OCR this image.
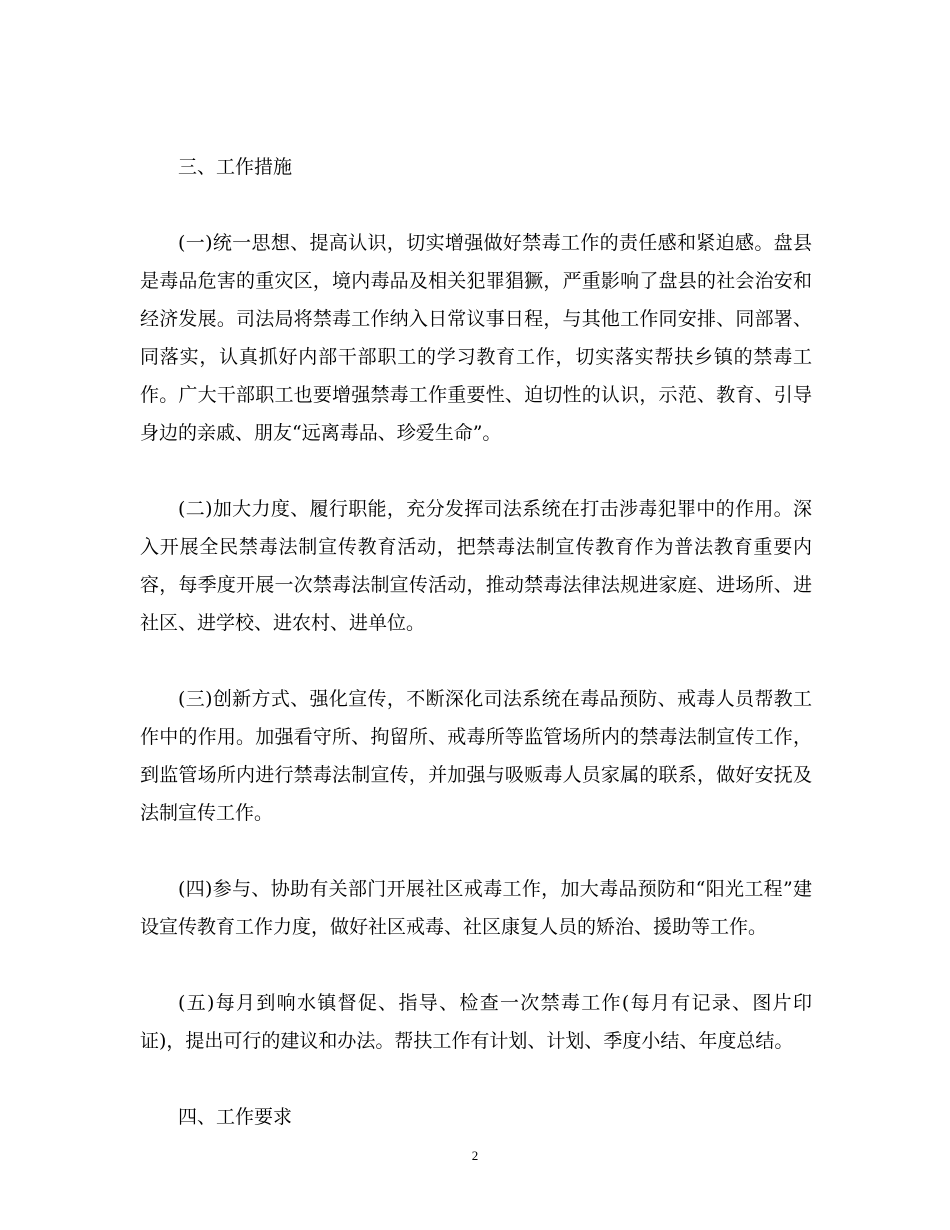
三、工作措施

(一)统一思想、提高认识，切实增强做好禁毒工作的责任感和紧迫感。盘县是毒品危害的重灾区，境内毒品及相关犯罪猖獗，严重影响了盘县的社会治安和经济发展。司法局将禁毒工作纳入日常议事日程，与其他工作同安排、同部署、同落实，认真抓好内部干部职工的学习教育工作，切实落实帮扶乡镇的禁毒工作。广大干部职工也要增强禁毒工作重要性、迫切性的认识，示范、教育、引导身边的亲戚、朋友“远离毒品、珍爱生命”。

(二)加大力度、履行职能，充分发挥司法系统在打击涉毒犯罪中的作用。深入开展全民禁毒法制宣传教育活动，把禁毒法制宣传教育作为普法教育重要内容，每季度开展一次禁毒法制宣传活动，推动禁毒法律法规进家庭、进场所、进社区、进学校、进农村、进单位。

(三)创新方式、强化宣传，不断深化司法系统在毒品预防、戒毒人员帮教工作中的作用。加强看守所、拘留所、戒毒所等监管场所内的禁毒法制宣传工作，到监管场所内进行禁毒法制宣传，并加强与吸贩毒人员家属的联系，做好安抚及法制宣传工作。

(四)参与、协助有关部门开展社区戒毒工作，加大毒品预防和“阳光工程”建设宣传教育工作力度，做好社区戒毒、社区康复人员的矫治、援助等工作。

(五)每月到响水镇督促、指导、检查一次禁毒工作(每月有记录、图片印证)，提出可行的建议和办法。帮扶工作有计划、计划、季度小结、年度总结。

四、工作要求

2
